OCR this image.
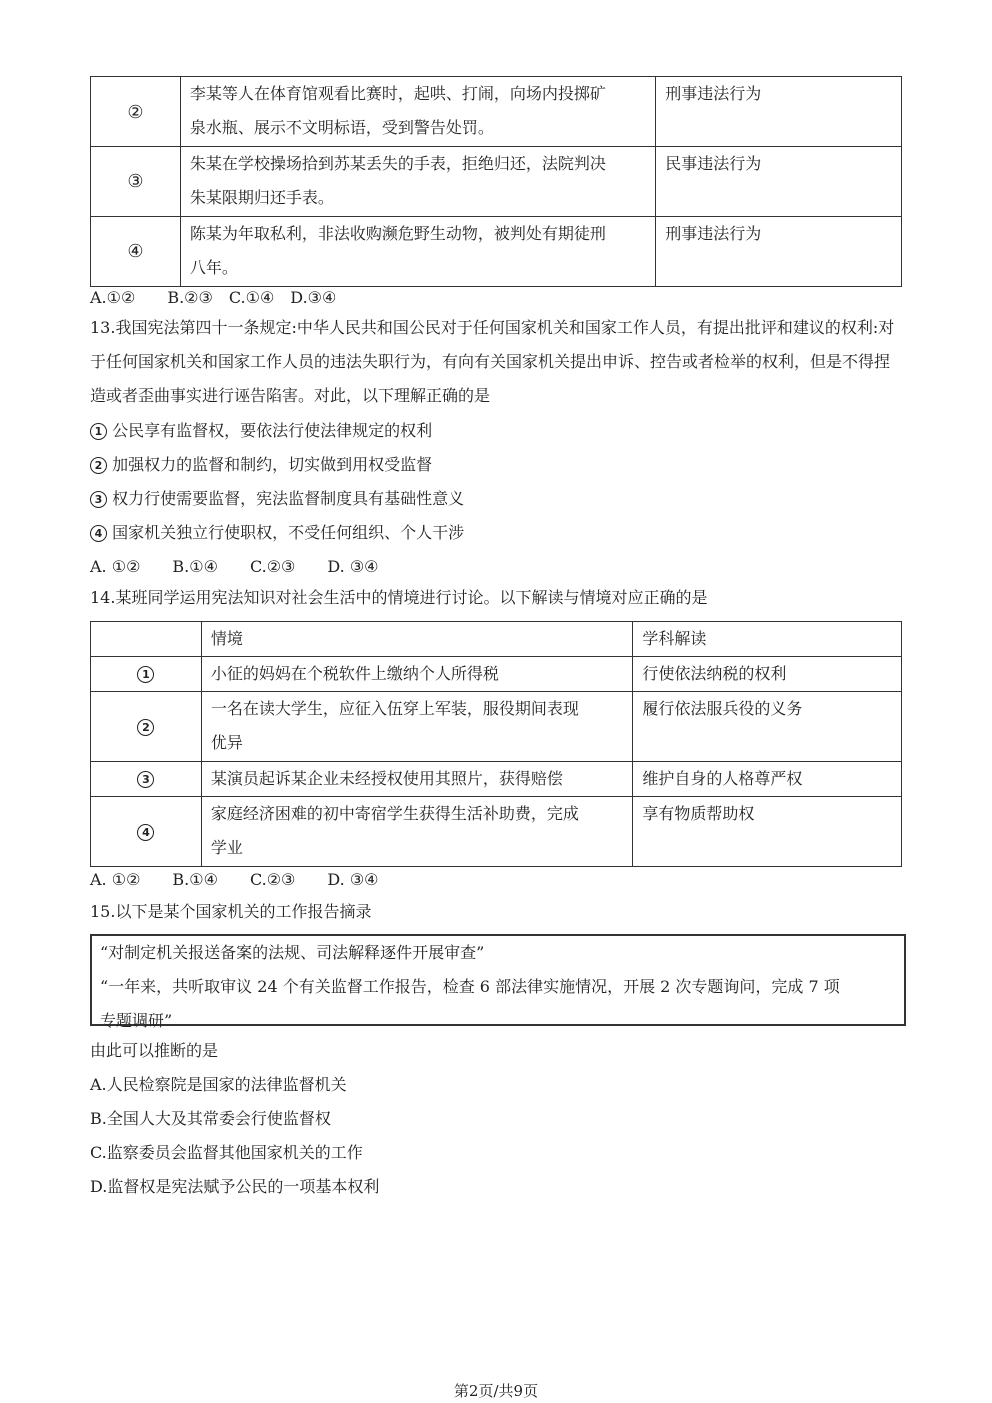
②	李某等人在体育馆观看比赛时，起哄、打闹，向场内投掷矿
泉水瓶、展示不文明标语，受到警告处罚。	刑事违法行为
③	朱某在学校操场拾到苏某丢失的手表，拒绝归还，法院判决
朱某限期归还手表。	民事违法行为
④	陈某为年取私利，非法收购濒危野生动物，被判处有期徒刑
八年。	刑事违法行为
A.①②　　B.②③　C.①④　D.③④
13.我国宪法第四十一条规定:中华人民共和国公民对于任何国家机关和国家工作人员，有提出批评和建议的权利:对于任何国家机关和国家工作人员的违法失职行为，有向有关国家机关提出申诉、控告或者检举的权利，但是不得捏造或者歪曲事实进行诬告陷害。对此，以下理解正确的是
1 公民享有监督权，要依法行使法律规定的权利
2 加强权力的监督和制约，切实做到用权受监督
3 权力行使需要监督，宪法监督制度具有基础性意义
4 国家机关独立行使职权，不受任何组织、个人干涉
A. ①②　　B.①④　　C.②③　　D. ③④
14.某班同学运用宪法知识对社会生活中的情境进行讨论。以下解读与情境对应正确的是
	情境	学科解读
1	小征的妈妈在个税软件上缴纳个人所得税	行使依法纳税的权利
2	一名在读大学生，应征入伍穿上军装，服役期间表现
优异	履行依法服兵役的义务
3	某演员起诉某企业未经授权使用其照片，获得赔偿	维护自身的人格尊严权
4	家庭经济困难的初中寄宿学生获得生活补助费，完成
学业	享有物质帮助权
A. ①②　　B.①④　　C.②③　　D. ③④
15.以下是某个国家机关的工作报告摘录
“对制定机关报送备案的法规、司法解释逐件开展审查”
“一年来，共听取审议 24 个有关监督工作报告，检查 6 部法律实施情况，开展 2 次专题询问，完成 7 项
专题调研”
由此可以推断的是
A.人民检察院是国家的法律监督机关
B.全国人大及其常委会行使监督权
C.监察委员会监督其他国家机关的工作
D.监督权是宪法赋予公民的一项基本权利
第2页/共9页
